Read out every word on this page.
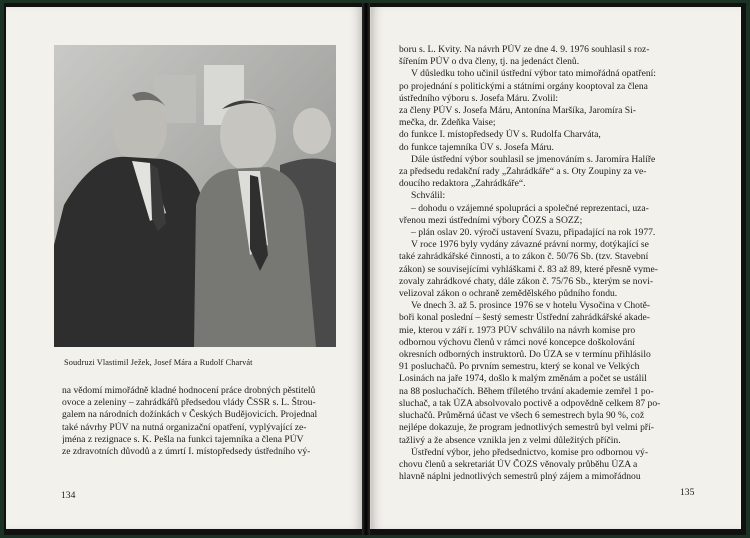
Soudruzi Vlastimil Ježek, Josef Mára a Rudolf Charvát

na vědomí mimořádně kladné hodnocení práce drobných pěstitelů

ovoce a zeleniny – zahrádkářů předsedou vlády ČSSR s. L. Štrou-

galem na národních dožínkách v Českých Budějovicích. Projednal

také návrhy PÚV na nutná organizační opatření, vyplývající ze-

jména z rezignace s. K. Pešla na funkci tajemníka a člena PÚV

ze zdravotních důvodů a z úmrtí I. místopředsedy ústředního vý-

134

boru s. L. Kvity. Na návrh PÚV ze dne 4. 9. 1976 souhlasil s roz-

šířením PÚV o dva členy, tj. na jedenáct členů.

V důsledku toho učinil ústřední výbor tato mimořádná opatření:

po projednání s politickými a státními orgány kooptoval za člena

ústředního výboru s. Josefa Máru. Zvolil:

za členy PÚV s. Josefa Máru, Antonína Maršíka, Jaromíra Si-

mečka, dr. Zdeňka Vaise;

do funkce I. místopředsedy ÚV s. Rudolfa Charváta,

do funkce tajemníka ÚV s. Josefa Máru.

Dále ústřední výbor souhlasil se jmenováním s. Jaromíra Halíře

za předsedu redakční rady „Zahrádkáře“ a s. Oty Zoupiny za ve-

doucího redaktora „Zahrádkáře“.

Schválil:

– dohodu o vzájemné spolupráci a společné reprezentaci, uza-

vřenou mezi ústředními výbory ČOZS a SOZZ;

– plán oslav 20. výročí ustavení Svazu, připadající na rok 1977.

V roce 1976 byly vydány závazné právní normy, dotýkající se

také zahrádkářské činnosti, a to zákon č. 50/76 Sb. (tzv. Stavební

zákon) se souvisejícími vyhláškami č. 83 až 89, které přesně vyme-

zovaly zahrádkové chaty, dále zákon č. 75/76 Sb., kterým se novi-

velizoval zákon o ochraně zemědělského půdního fondu.

Ve dnech 3. až 5. prosince 1976 se v hotelu Vysočina v Chotě-

boři konal poslední – šestý semestr Ústřední zahrádkářské akade-

mie, kterou v září r. 1973 PÚV schválilo na návrh komise pro

odbornou výchovu členů v rámci nové koncepce doškolování

okresních odborných instruktorů. Do ÚZA se v termínu přihlásilo

91 posluchačů. Po prvním semestru, který se konal ve Velkých

Losinách na jaře 1974, došlo k malým změnám a počet se ustálil

na 88 posluchačích. Během tříletého trvání akademie zemřel 1 po-

sluchač, a tak ÚZA absolvovalo poctivě a odpovědně celkem 87 po-

sluchačů. Průměrná účast ve všech 6 semestrech byla 90 %, což

nejlépe dokazuje, že program jednotlivých semestrů byl velmi pří-

tažlivý a že absence vznikla jen z velmi důležitých příčin.

Ústřední výbor, jeho předsednictvo, komise pro odbornou vý-

chovu členů a sekretariát ÚV ČOZS věnovaly průběhu ÚZA a

hlavně náplni jednotlivých semestrů plný zájem a mimořádnou

135
